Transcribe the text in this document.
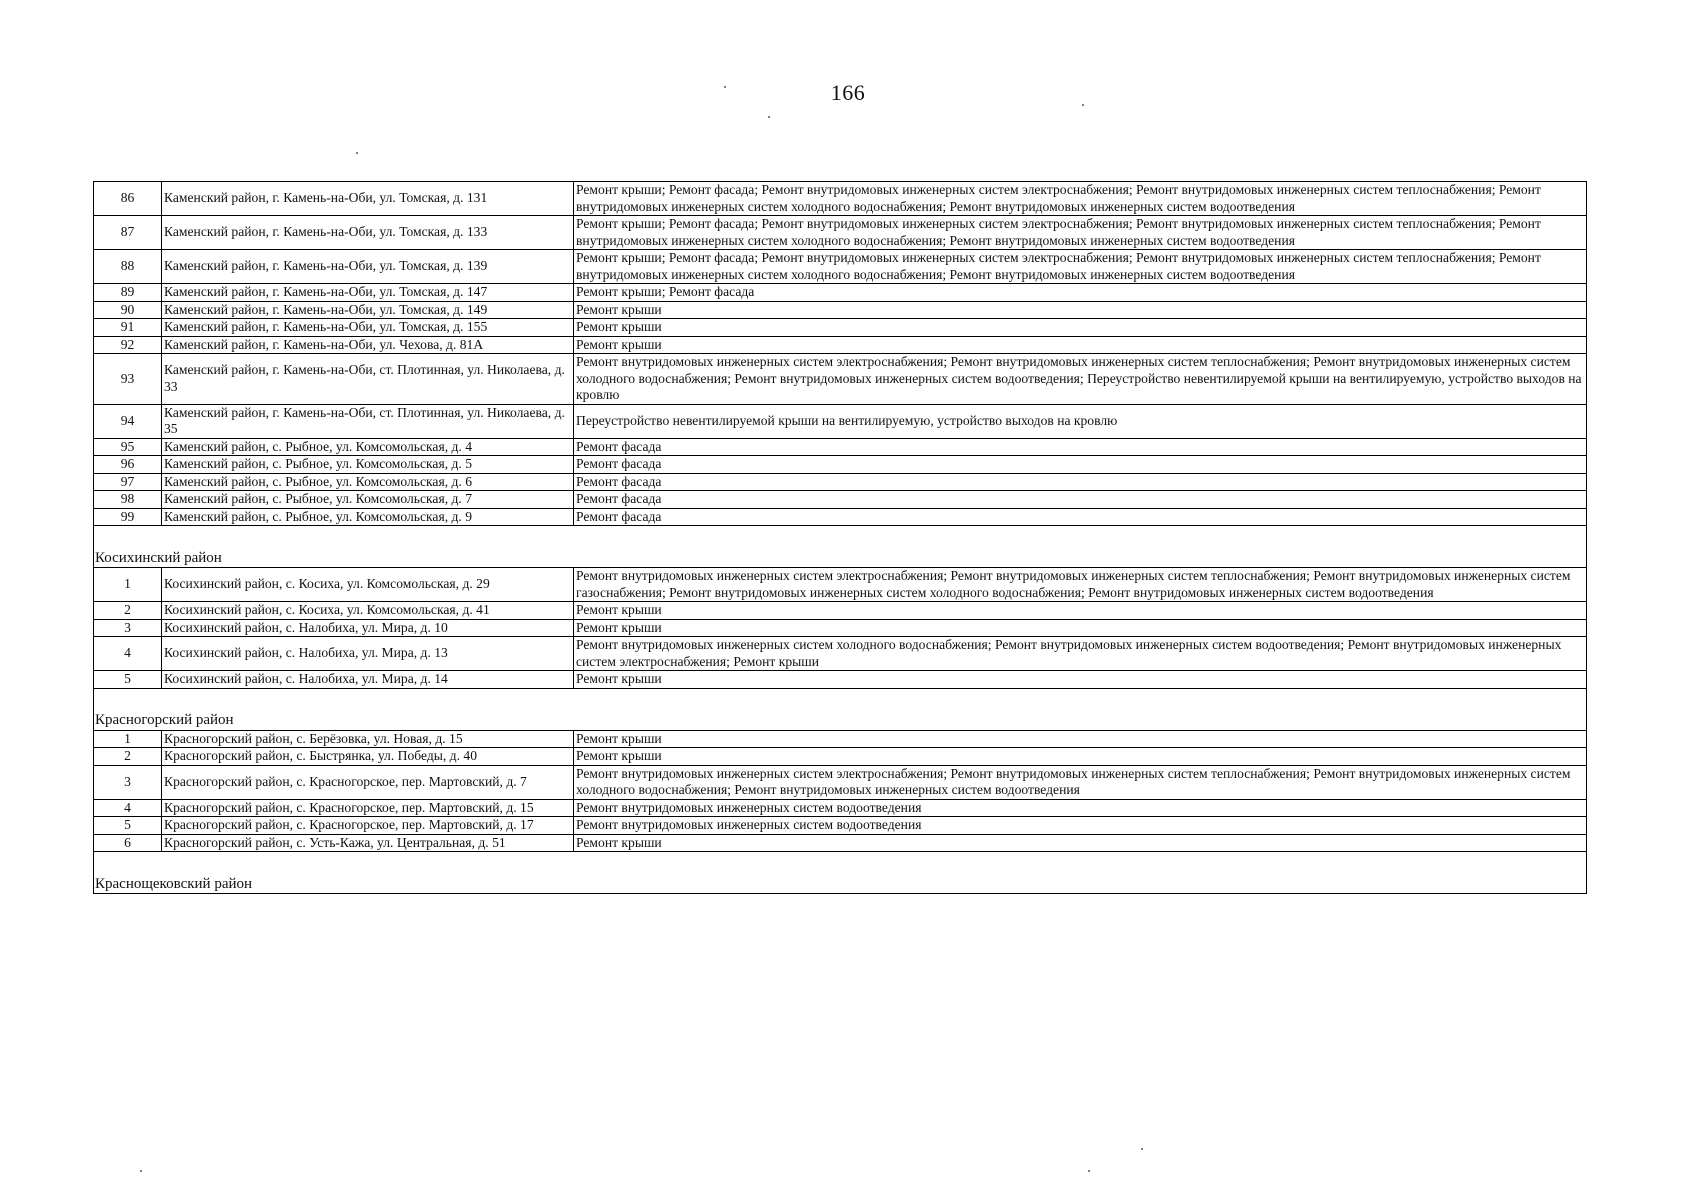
166
86	Каменский район, г. Камень-на-Оби, ул. Томская, д. 131	Ремонт крыши; Ремонт фасада; Ремонт внутридомовых инженерных систем электроснабжения; Ремонт внутридомовых инженерных систем теплоснабжения; Ремонт внутридомовых инженерных систем холодного водоснабжения; Ремонт внутридомовых инженерных систем водоотведения
87	Каменский район, г. Камень-на-Оби, ул. Томская, д. 133	Ремонт крыши; Ремонт фасада; Ремонт внутридомовых инженерных систем электроснабжения; Ремонт внутридомовых инженерных систем теплоснабжения; Ремонт внутридомовых инженерных систем холодного водоснабжения; Ремонт внутридомовых инженерных систем водоотведения
88	Каменский район, г. Камень-на-Оби, ул. Томская, д. 139	Ремонт крыши; Ремонт фасада; Ремонт внутридомовых инженерных систем электроснабжения; Ремонт внутридомовых инженерных систем теплоснабжения; Ремонт внутридомовых инженерных систем холодного водоснабжения; Ремонт внутридомовых инженерных систем водоотведения
89	Каменский район, г. Камень-на-Оби, ул. Томская, д. 147	Ремонт крыши; Ремонт фасада
90	Каменский район, г. Камень-на-Оби, ул. Томская, д. 149	Ремонт крыши
91	Каменский район, г. Камень-на-Оби, ул. Томская, д. 155	Ремонт крыши
92	Каменский район, г. Камень-на-Оби, ул. Чехова, д. 81А	Ремонт крыши
93	Каменский район, г. Камень-на-Оби, ст. Плотинная, ул. Николаева, д. 33	Ремонт внутридомовых инженерных систем электроснабжения; Ремонт внутридомовых инженерных систем теплоснабжения; Ремонт внутридомовых инженерных систем холодного водоснабжения; Ремонт внутридомовых инженерных систем водоотведения; Переустройство невентилируемой крыши на вентилируемую, устройство выходов на кровлю
94	Каменский район, г. Камень-на-Оби, ст. Плотинная, ул. Николаева, д. 35	Переустройство невентилируемой крыши на вентилируемую, устройство выходов на кровлю
95	Каменский район, с. Рыбное, ул. Комсомольская, д. 4	Ремонт фасада
96	Каменский район, с. Рыбное, ул. Комсомольская, д. 5	Ремонт фасада
97	Каменский район, с. Рыбное, ул. Комсомольская, д. 6	Ремонт фасада
98	Каменский район, с. Рыбное, ул. Комсомольская, д. 7	Ремонт фасада
99	Каменский район, с. Рыбное, ул. Комсомольская, д. 9	Ремонт фасада
Косихинский район		
1	Косихинский район, с. Косиха, ул. Комсомольская, д. 29	Ремонт внутридомовых инженерных систем электроснабжения; Ремонт внутридомовых инженерных систем теплоснабжения; Ремонт внутридомовых инженерных систем газоснабжения; Ремонт внутридомовых инженерных систем холодного водоснабжения; Ремонт внутридомовых инженерных систем водоотведения
2	Косихинский район, с. Косиха, ул. Комсомольская, д. 41	Ремонт крыши
3	Косихинский район, с. Налобиха, ул. Мира, д. 10	Ремонт крыши
4	Косихинский район, с. Налобиха, ул. Мира, д. 13	Ремонт внутридомовых инженерных систем холодного водоснабжения; Ремонт внутридомовых инженерных систем водоотведения; Ремонт внутридомовых инженерных систем электроснабжения; Ремонт крыши
5	Косихинский район, с. Налобиха, ул. Мира, д. 14	Ремонт крыши
Красногорский район		
1	Красногорский район, с. Берёзовка, ул. Новая, д. 15	Ремонт крыши
2	Красногорский район, с. Быстрянка, ул. Победы, д. 40	Ремонт крыши
3	Красногорский район, с. Красногорское, пер. Мартовский, д. 7	Ремонт внутридомовых инженерных систем электроснабжения; Ремонт внутридомовых инженерных систем теплоснабжения; Ремонт внутридомовых инженерных систем холодного водоснабжения; Ремонт внутридомовых инженерных систем водоотведения
4	Красногорский район, с. Красногорское, пер. Мартовский, д. 15	Ремонт внутридомовых инженерных систем водоотведения
5	Красногорский район, с. Красногорское, пер. Мартовский, д. 17	Ремонт внутридомовых инженерных систем водоотведения
6	Красногорский район, с. Усть-Кажа, ул. Центральная, д. 51	Ремонт крыши
Краснощековский район		
